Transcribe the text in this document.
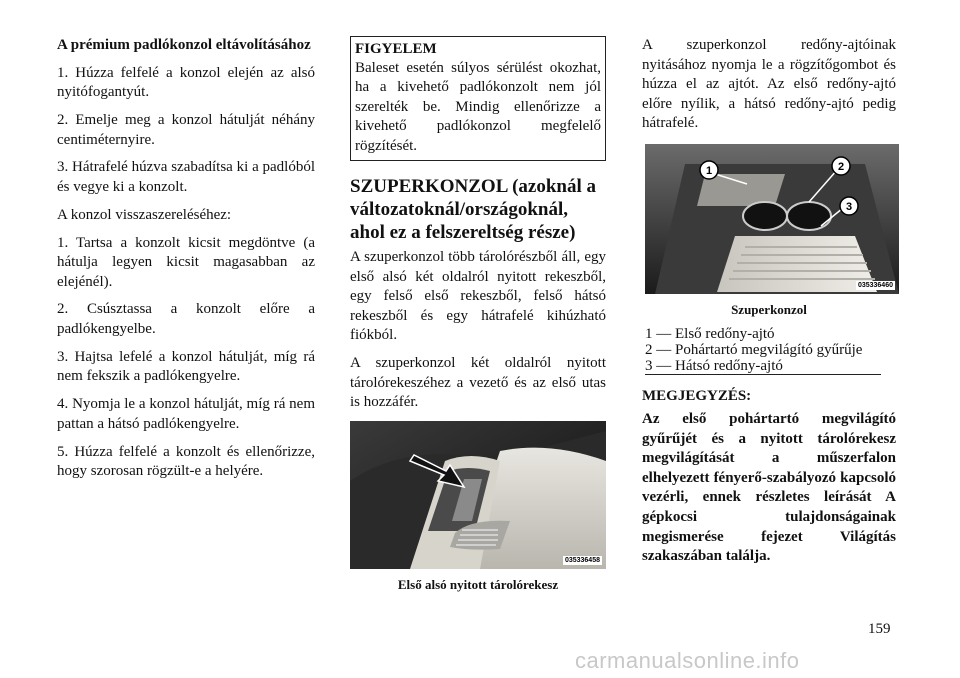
A prémium padlókonzol eltávolításához

1. Húzza felfelé a konzol elején az alsó nyitófogantyút.

2. Emelje meg a konzol hátulját néhány centiméternyire.

3. Hátrafelé húzva szabadítsa ki a padlóból és vegye ki a konzolt.

A konzol visszaszereléséhez:

1. Tartsa a konzolt kicsit megdöntve (a hátulja legyen kicsit magasabban az elejénél).

2. Csúsztassa a konzolt előre a padlókengyelbe.

3. Hajtsa lefelé a konzol hátulját, míg rá nem fekszik a padlókengyelre.

4. Nyomja le a konzol hátulját, míg rá nem pattan a hátsó padlókengyelre.

5. Húzza felfelé a konzolt és ellenőrizze, hogy szorosan rögzült-e a helyére.

FIGYELEM

Baleset esetén súlyos sérülést okozhat, ha a kivehető padlókonzolt nem jól szerelték be. Mindig ellenőrizze a kivehető padlókonzol megfelelő rögzítését.

SZUPERKONZOL (azoknál a változatoknál/országoknál, ahol ez a felszereltség része)

A szuperkonzol több tárolórészből áll, egy első alsó két oldalról nyitott rekeszből, egy felső első rekeszből, felső hátsó rekeszből és egy hátrafelé kihúzható fiókból.

A szuperkonzol két oldalról nyitott tárolórekeszéhez a vezető és az első utas is hozzáfér.

035336458
Első alsó nyitott tárolórekesz

A szuperkonzol redőny-ajtóinak nyitásához nyomja le a rögzítőgombot és húzza el az ajtót. Az első redőny-ajtó előre nyílik, a hátsó redőny-ajtó pedig hátrafelé.

1	2
3
035336460
Szuperkonzol
1 — Első redőny-ajtó
2 — Pohártartó megvilágító gyűrűje
3 — Hátsó redőny-ajtó
MEGJEGYZÉS:

Az első pohártartó megvilágító gyűrűjét és a nyitott tárolórekesz megvilágítását a műszerfalon elhelyezett fényerő-szabályozó kapcsoló vezérli, ennek részletes leírását A gépkocsi tulajdonságainak megismerése fejezet Világítás szakaszában találja.

159
carmanualsonline.info
